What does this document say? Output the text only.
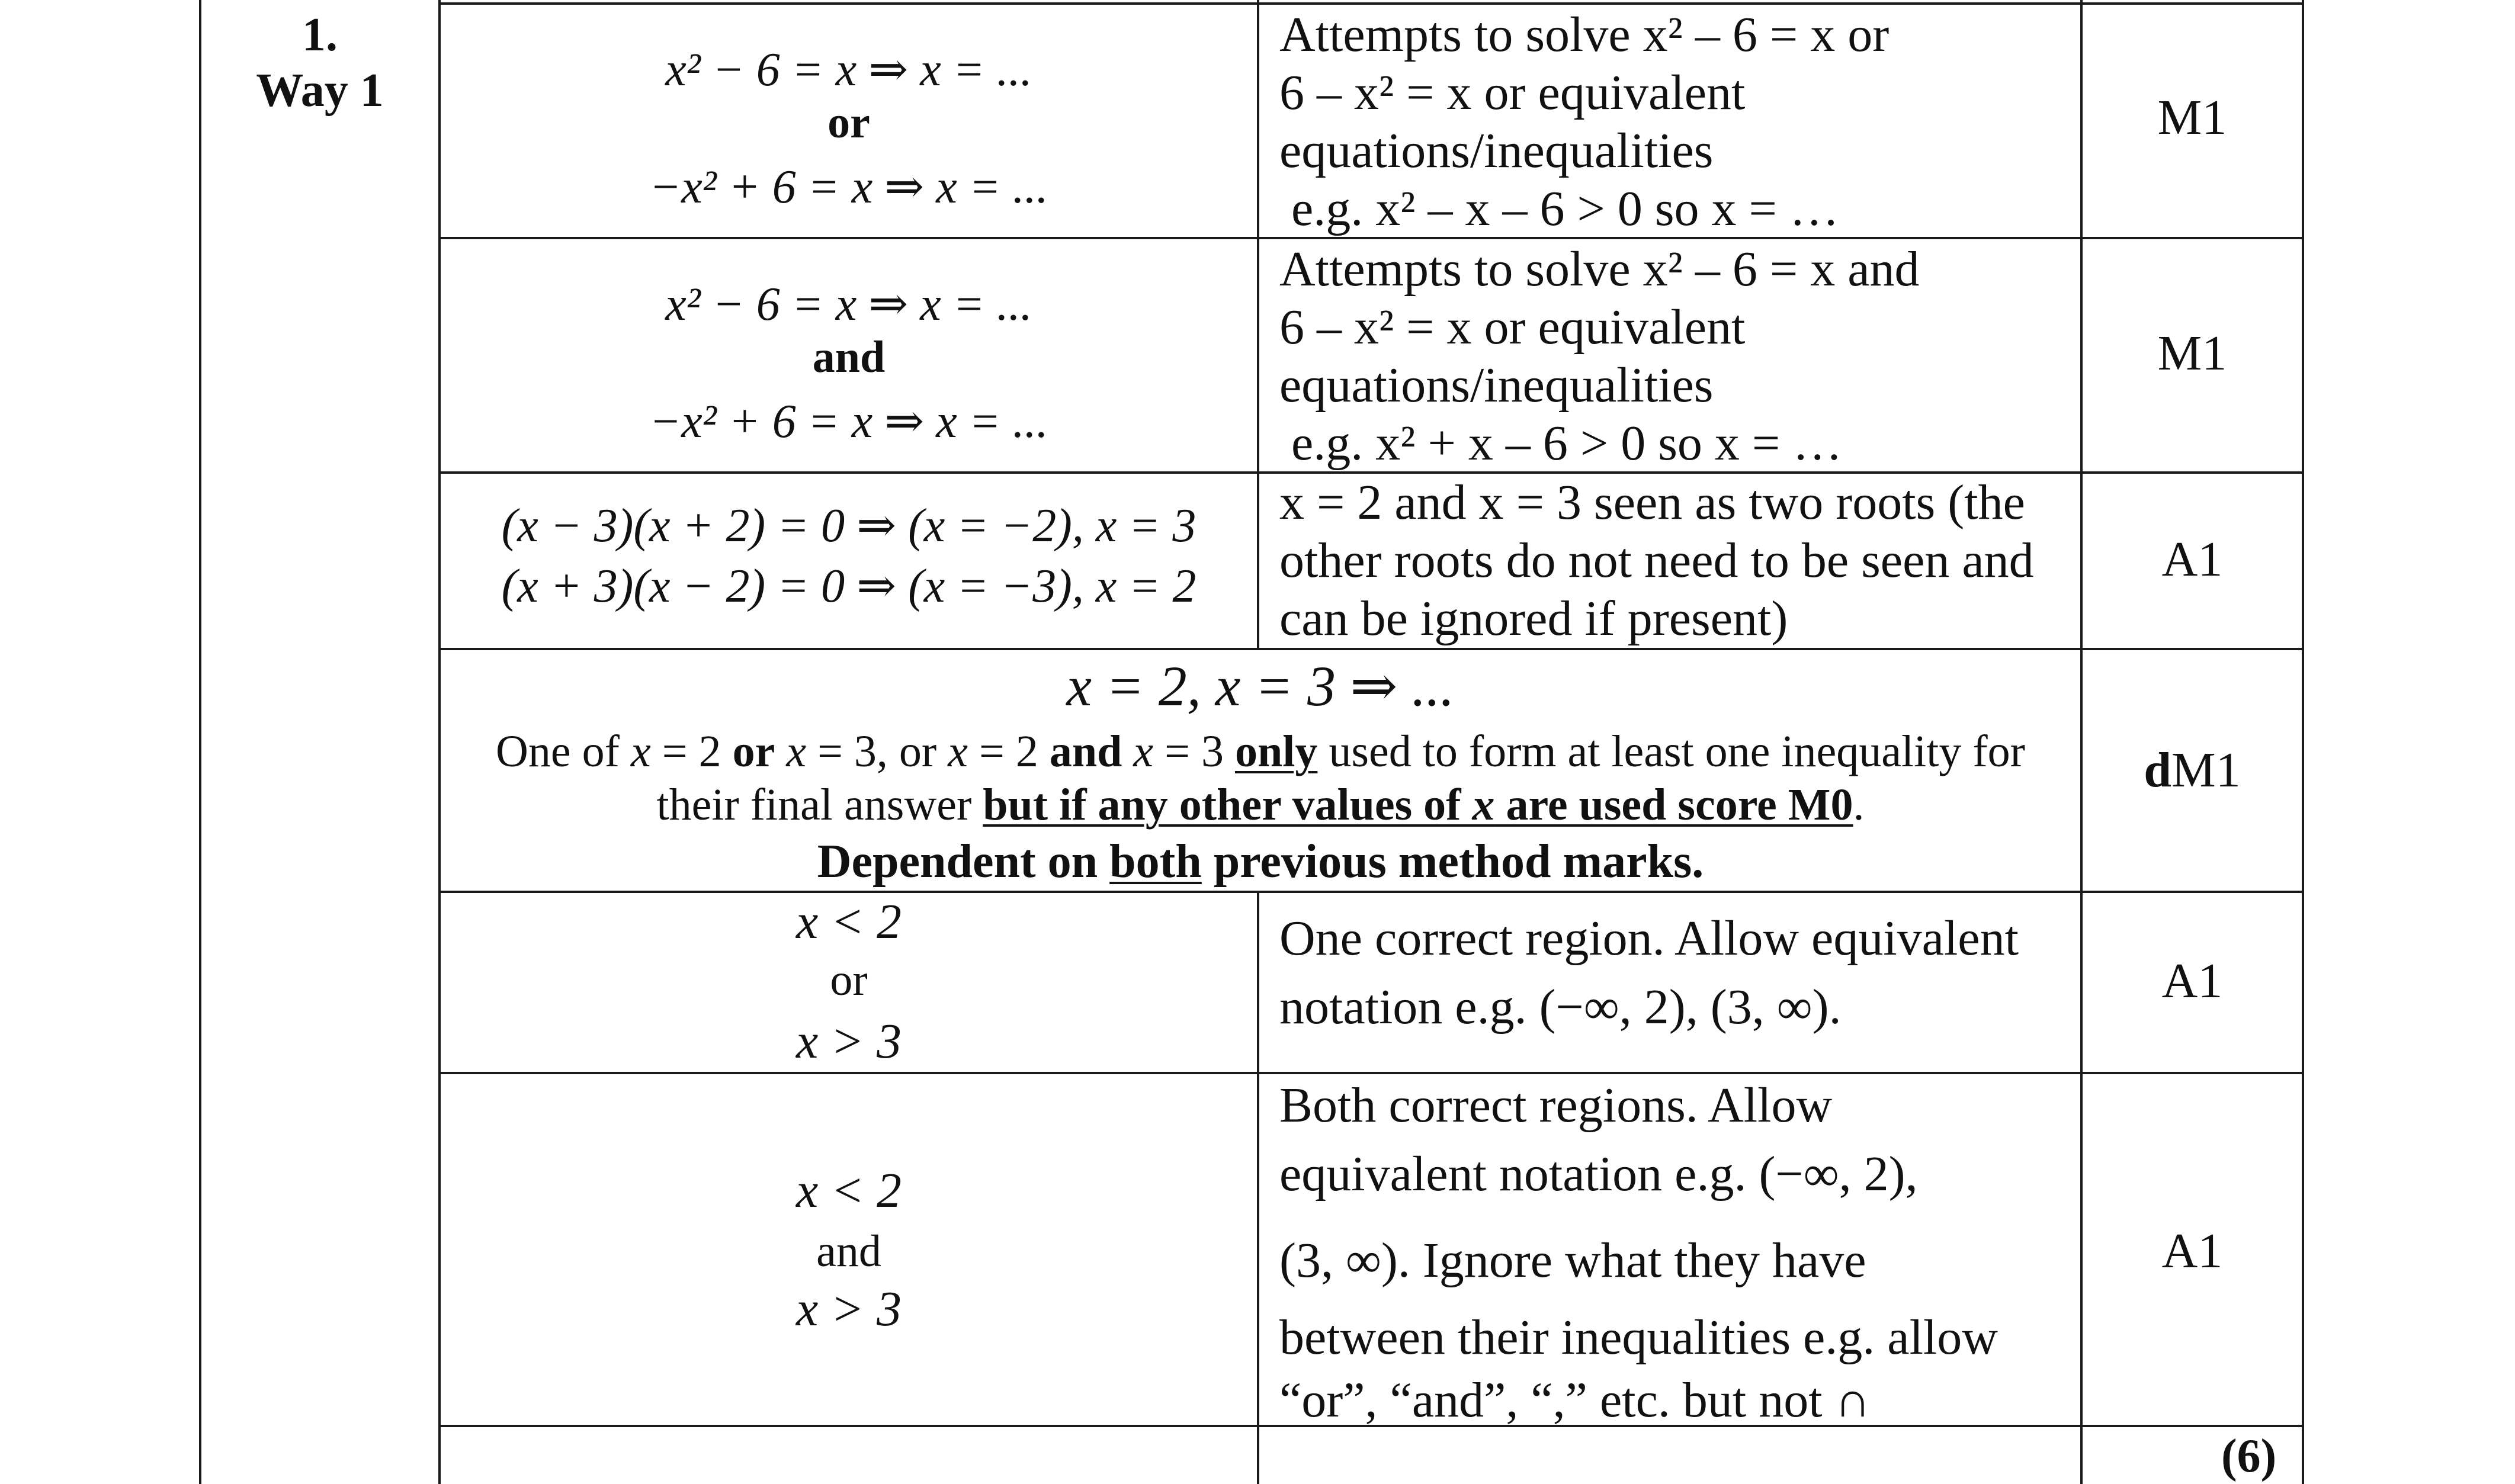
1.
Way 1	x² − 6 = x ⇒ x = ...
or
−x² + 6 = x ⇒ x = ...
Attempts to solve x² – 6 = x or
6 – x² = x or equivalent
equations/inequalities
e.g. x² – x – 6 > 0 so x = …
M1
x² − 6 = x ⇒ x = ...
and
−x² + 6 = x ⇒ x = ...
Attempts to solve x² – 6 = x and
6 – x² = x or equivalent
equations/inequalities
e.g. x² + x – 6 > 0 so x = …
M1
(x − 3)(x + 2) = 0 ⇒ (x = −2), x = 3
(x + 3)(x − 2) = 0 ⇒ (x = −3), x = 2
x = 2 and x = 3 seen as two roots (the
other roots do not need to be seen and
can be ignored if present)
A1
x = 2, x = 3 ⇒ ...
One of x = 2 or x = 3, or x = 2 and x = 3 only used to form at least one inequality for
their final answer but if any other values of x are used score M0.
Dependent on both previous method marks.
dM1
x < 2
or
x > 3
One correct region. Allow equivalent
notation e.g. (−∞, 2), (3, ∞).	A1
x < 2
and
x > 3
Both correct regions. Allow
equivalent notation e.g. (−∞, 2),
(3, ∞). Ignore what they have
between their inequalities e.g. allow
“or”, “and”, “,” etc. but not ∩
A1
(6)
